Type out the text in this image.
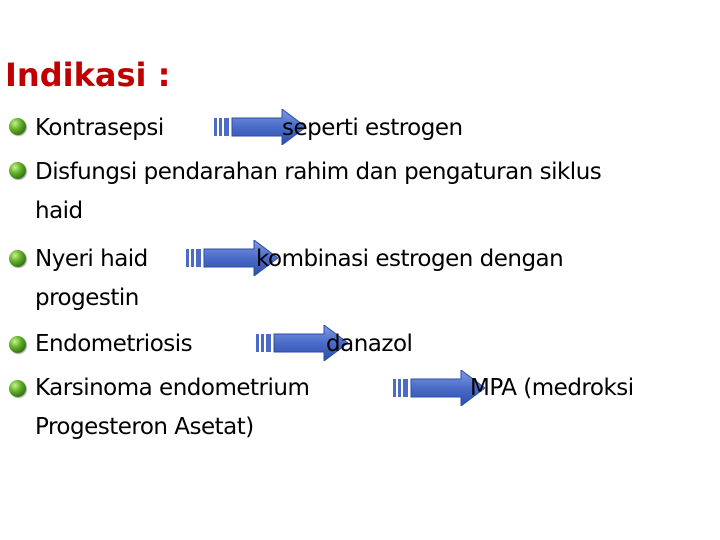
Indikasi :
Kontrasepsi	seperti estrogen
Disfungsi pendarahan rahim dan pengaturan siklus
haid
Nyeri haid	kombinasi estrogen dengan
progestin
Endometriosis	danazol
Karsinoma endometrium	MPA (medroksi
Progesteron Asetat)
